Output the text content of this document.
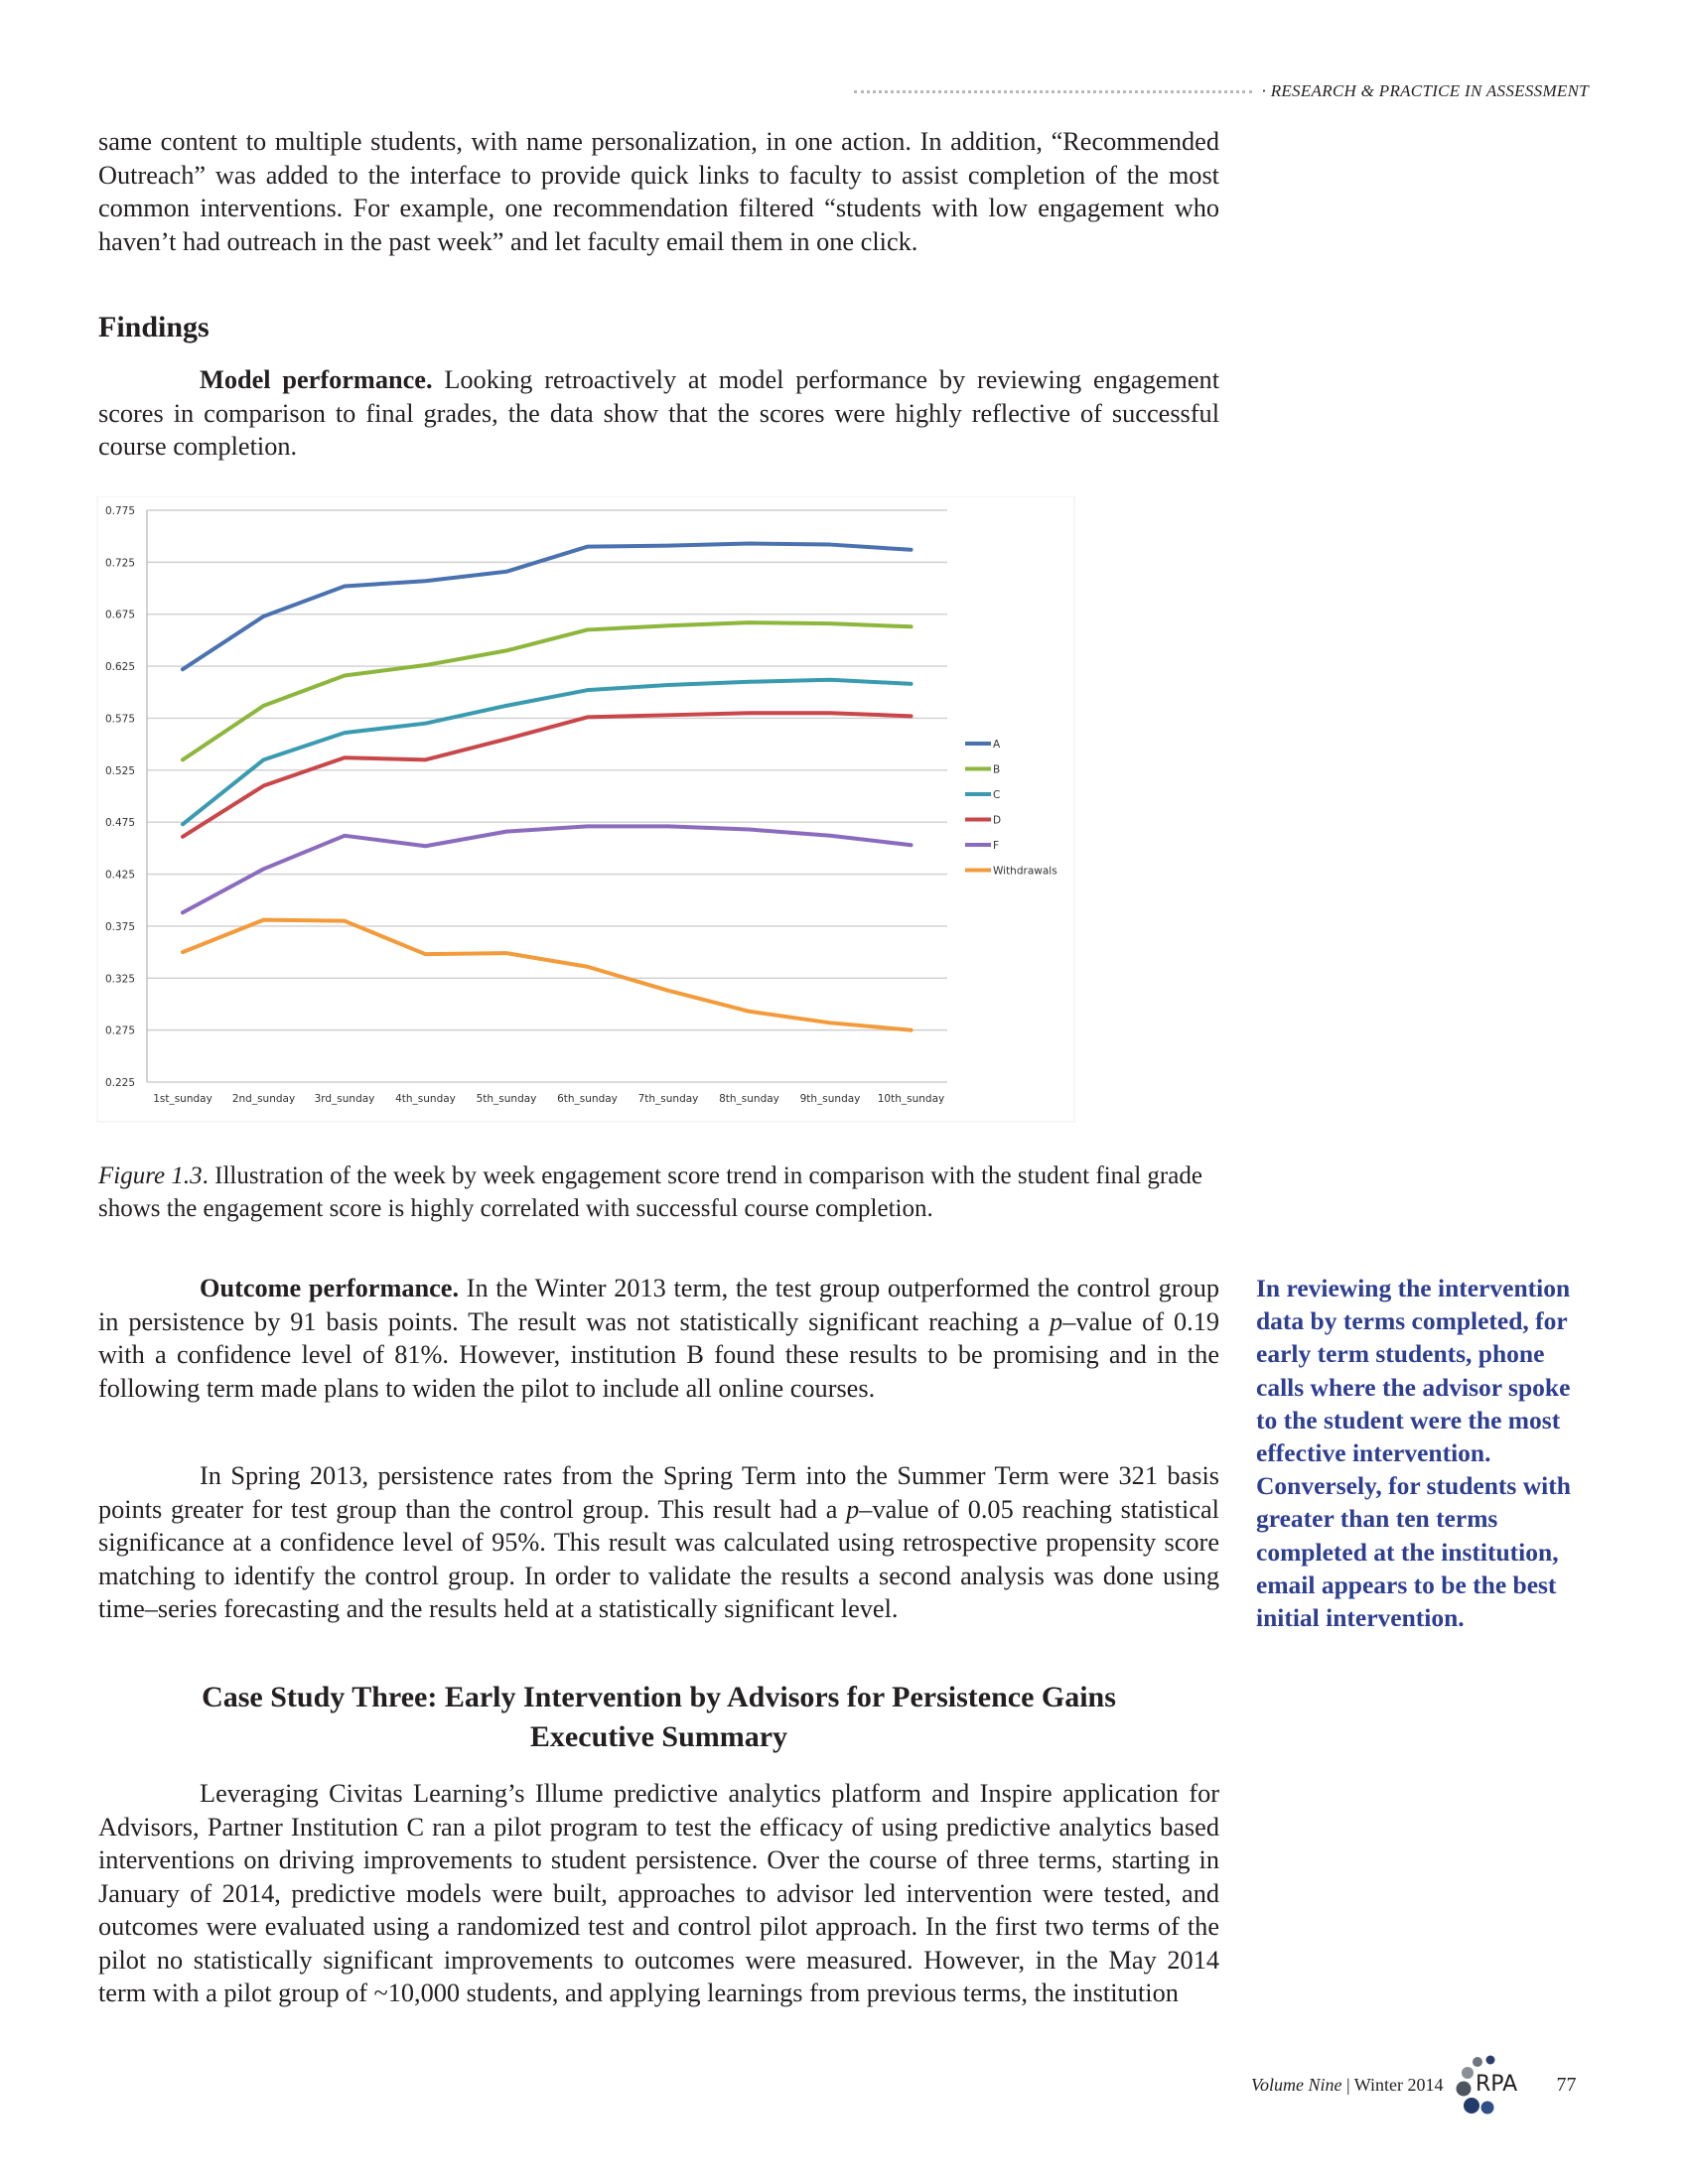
· RESEARCH & PRACTICE IN ASSESSMENT

same content to multiple students, with name personalization, in one action. In addition, “Recommended Outreach” was added to the interface to provide quick links to faculty to assist completion of the most common interventions. For example, one recommendation filtered “students with low engagement who haven’t had outreach in the past week” and let faculty email them in one click.

Findings

Model performance. Looking retroactively at model performance by reviewing engagement scores in comparison to final grades, the data show that the scores were highly reflective of successful course completion.

0.225
0.275
0.325
0.375
0.425
0.475
0.525
0.575
0.625
0.675
0.725
0.775
1st_sunday 2nd_sunday 3rd_sunday 4th_sunday 5th_sunday 6th_sunday 7th_sunday 8th_sunday 9th_sunday 10th_sunday
A
B
C
D
F
Withdrawals
Figure 1.3. Illustration of the week by week engagement score trend in comparison with the student final grade shows the engagement score is highly correlated with successful course completion.

Outcome performance. In the Winter 2013 term, the test group outperformed the control group in persistence by 91 basis points. The result was not statistically significant reaching a p–value of 0.19 with a confidence level of 81%. However, institution B found these results to be promising and in the following term made plans to widen the pilot to include all online courses.

In Spring 2013, persistence rates from the Spring Term into the Summer Term were 321 basis points greater for test group than the control group. This result had a p–value of 0.05 reaching statistical significance at a confidence level of 95%. This result was calculated using retrospective propensity score matching to identify the control group. In order to validate the results a second analysis was done using time–series forecasting and the results held at a statistically significant level.

Case Study Three: Early Intervention by Advisors for Persistence Gains
Executive Summary

Leveraging Civitas Learning’s Illume predictive analytics platform and Inspire application for Advisors, Partner Institution C ran a pilot program to test the efficacy of using predictive analytics based interventions on driving improvements to student persistence. Over the course of three terms, starting in January of 2014, predictive models were built, approaches to advisor led intervention were tested, and outcomes were evaluated using a randomized test and control pilot approach. In the first two terms of the pilot no statistically significant improvements to outcomes were measured. However, in the May 2014 term with a pilot group of ~10,000 students, and applying learnings from previous terms, the institution

In reviewing the intervention data by terms completed, for early term students, phone calls where the advisor spoke to the student were the most effective intervention. Conversely, for students with greater than ten terms completed at the institution, email appears to be the best initial intervention.
Volume Nine | Winter 2014 RPA 77
